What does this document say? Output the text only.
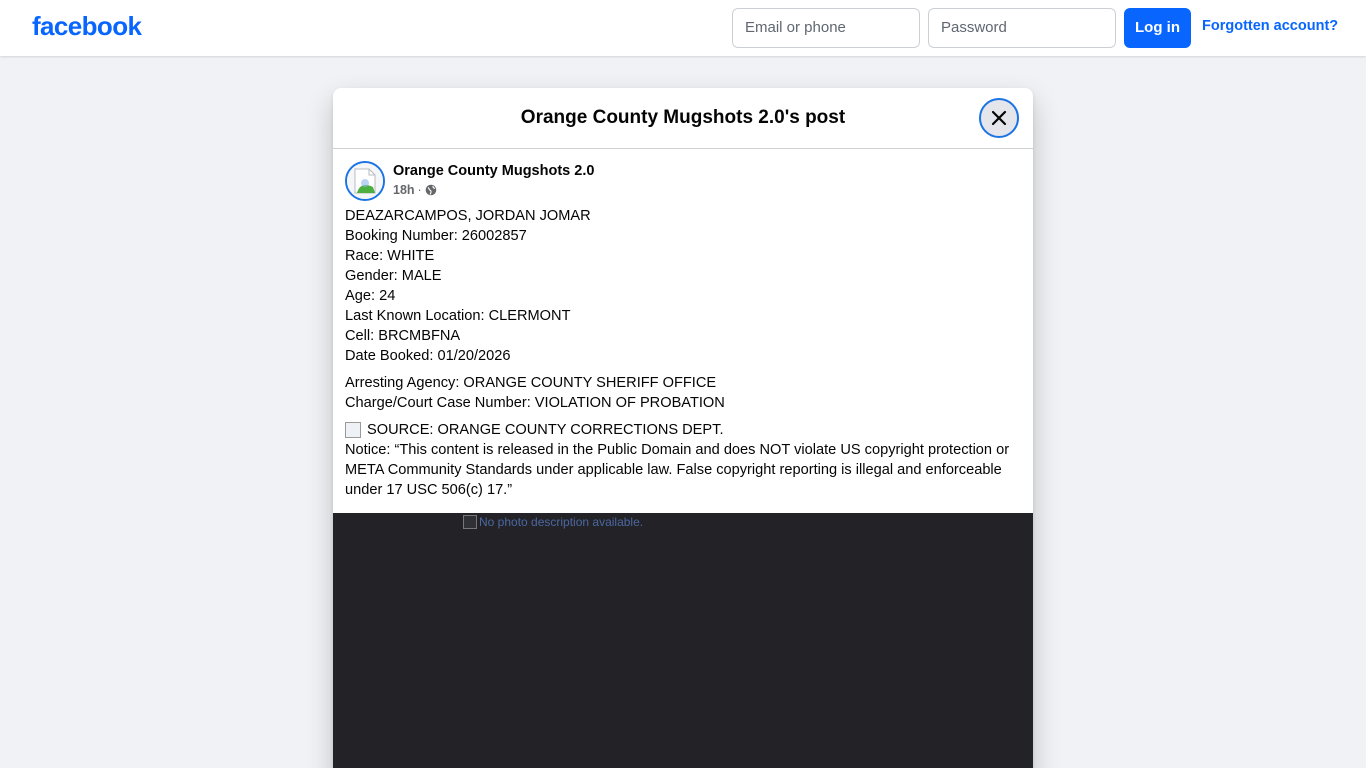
facebook	Email or phone	Password	Log in	Forgotten account?
Orange County Mugshots 2.0's post
Orange County Mugshots 2.0
18h ·
DEAZARCAMPOS, JORDAN JOMAR
Booking Number: 26002857
Race: WHITE
Gender: MALE
Age: 24
Last Known Location: CLERMONT
Cell: BRCMBFNA
Date Booked: 01/20/2026
Arresting Agency: ORANGE COUNTY SHERIFF OFFICE
Charge/Court Case Number: VIOLATION OF PROBATION
SOURCE: ORANGE COUNTY CORRECTIONS DEPT.
Notice: “This content is released in the Public Domain and does NOT violate US copyright protection or META Community Standards under applicable law. False copyright reporting is illegal and enforceable under 17 USC 506(c) 17.”
No photo description available.
